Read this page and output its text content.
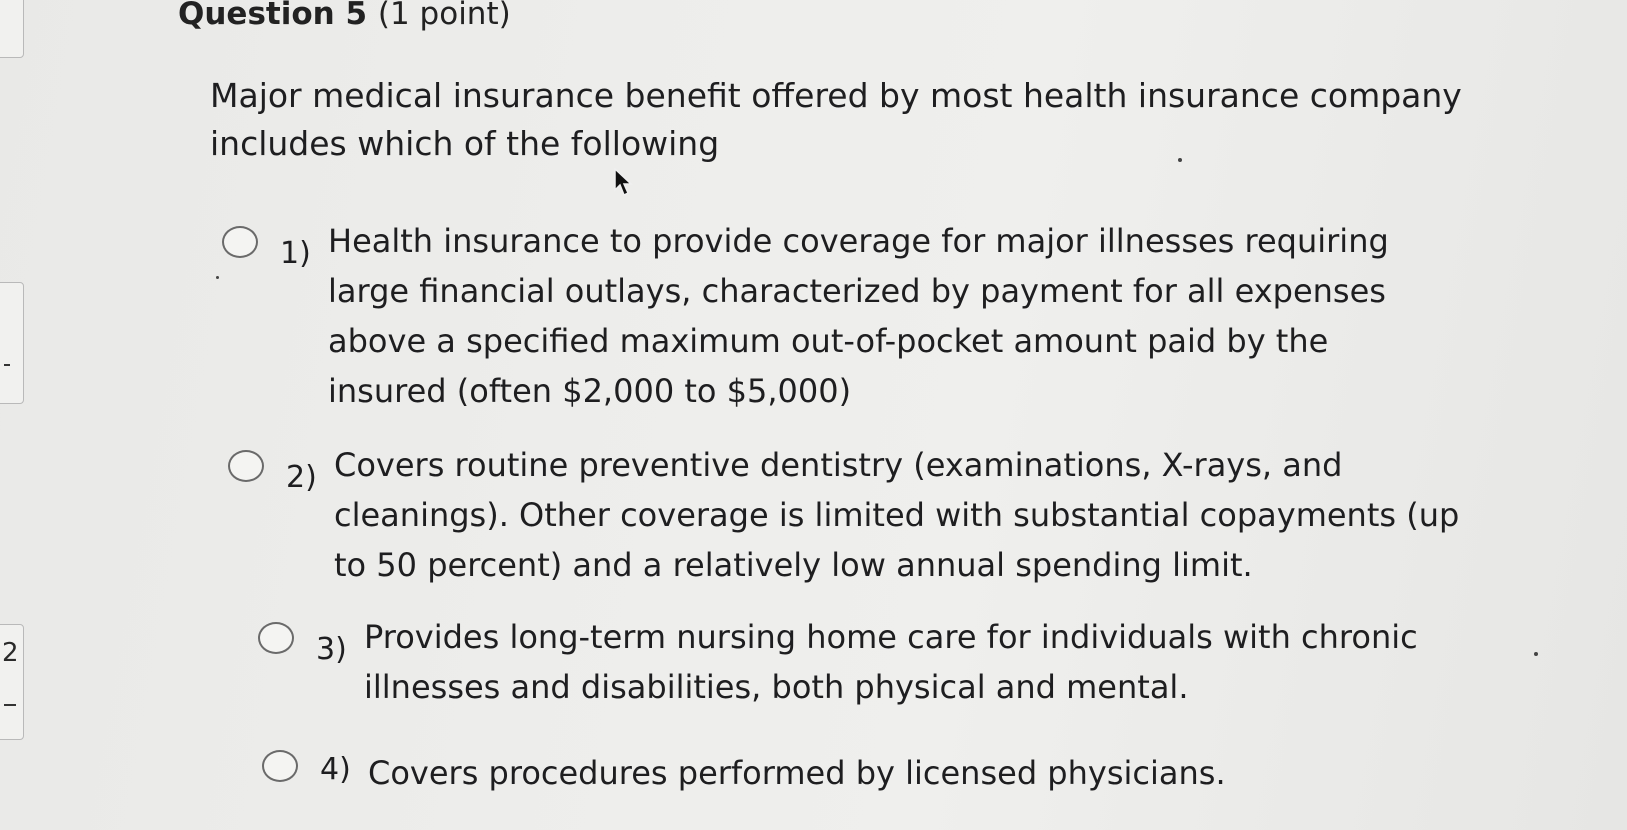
2
Question 5 (1 point)
Major medical insurance benefit offered by most health insurance company includes which of the following
1) Health insurance to provide coverage for major illnesses requiring large financial outlays, characterized by payment for all expenses above a specified maximum out-of-pocket amount paid by the insured (often $2,000 to $5,000)
2) Covers routine preventive dentistry (examinations, X-rays, and cleanings). Other coverage is limited with substantial copayments (up to 50 percent) and a relatively low annual spending limit.
3) Provides long-term nursing home care for individuals with chronic illnesses and disabilities, both physical and mental.
4) Covers procedures performed by licensed physicians.
